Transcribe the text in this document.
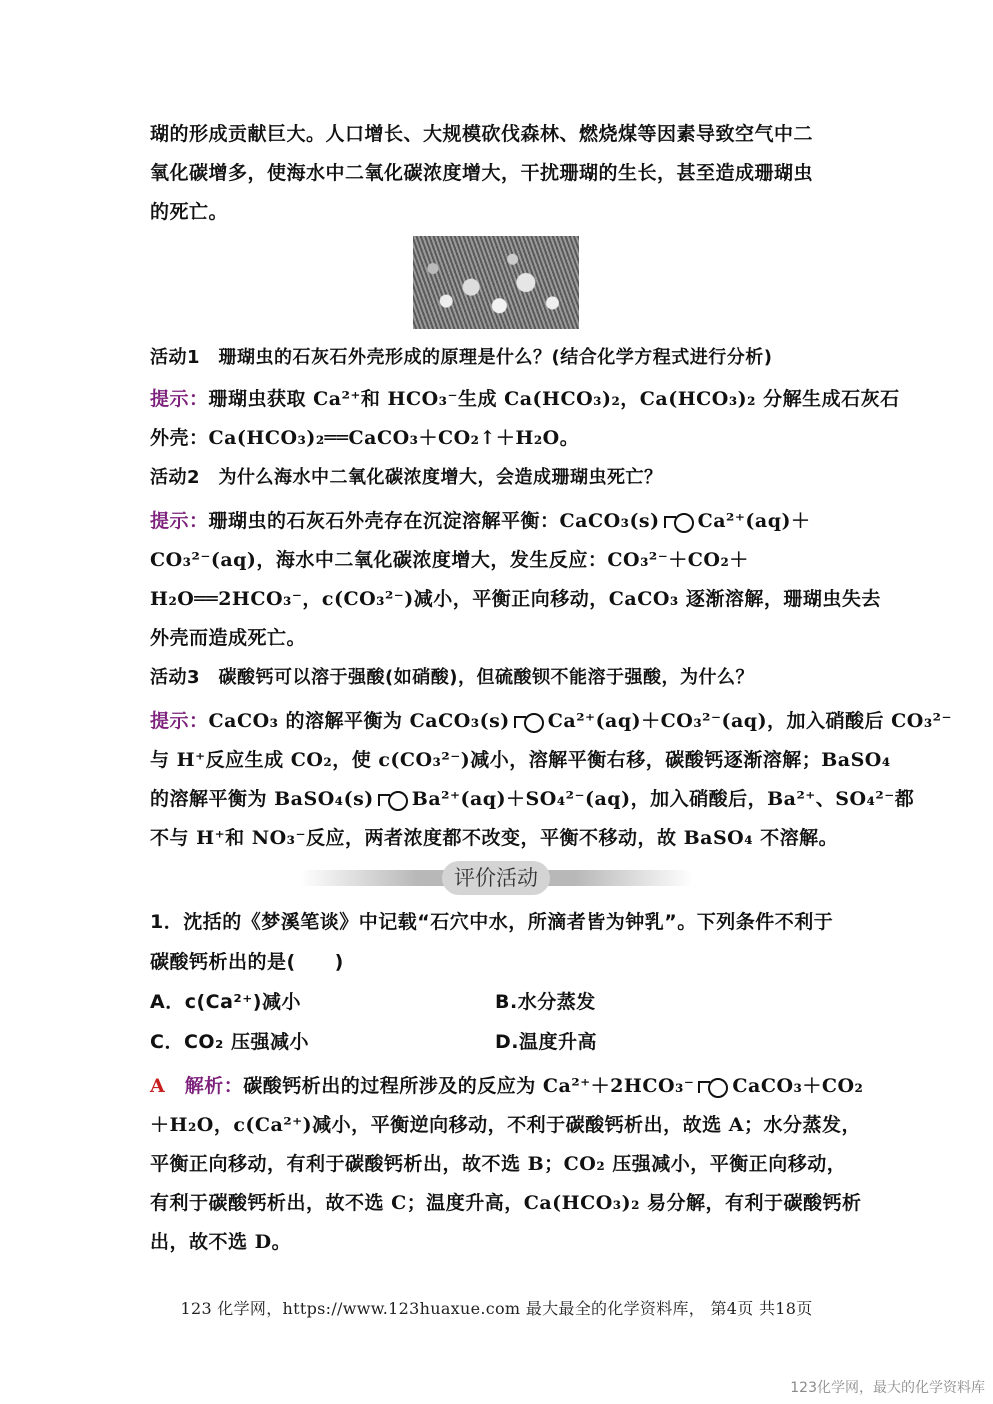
瑚的形成贡献巨大。人口增长、大规模砍伐森林、燃烧煤等因素导致空气中二

氧化碳增多，使海水中二氧化碳浓度增大，干扰珊瑚的生长，甚至造成珊瑚虫

的死亡。

活动1　珊瑚虫的石灰石外壳形成的原理是什么？(结合化学方程式进行分析)

提示：珊瑚虫获取 Ca²⁺和 HCO₃⁻生成 Ca(HCO₃)₂，Ca(HCO₃)₂ 分解生成石灰石

外壳：Ca(HCO₃)₂══CaCO₃＋CO₂↑＋H₂O。

活动2　为什么海水中二氧化碳浓度增大，会造成珊瑚虫死亡？

提示：珊瑚虫的石灰石外壳存在沉淀溶解平衡：CaCO₃(s) Ca²⁺(aq)＋

CO₃²⁻(aq)，海水中二氧化碳浓度增大，发生反应：CO₃²⁻＋CO₂＋

H₂O══2HCO₃⁻，c(CO₃²⁻)减小，平衡正向移动，CaCO₃ 逐渐溶解，珊瑚虫失去

外壳而造成死亡。

活动3　碳酸钙可以溶于强酸(如硝酸)，但硫酸钡不能溶于强酸，为什么？

提示：CaCO₃ 的溶解平衡为 CaCO₃(s) Ca²⁺(aq)＋CO₃²⁻(aq)，加入硝酸后 CO₃²⁻

与 H⁺反应生成 CO₂，使 c(CO₃²⁻)减小，溶解平衡右移，碳酸钙逐渐溶解；BaSO₄

的溶解平衡为 BaSO₄(s) Ba²⁺(aq)＋SO₄²⁻(aq)，加入硝酸后，Ba²⁺、SO₄²⁻都

不与 H⁺和 NO₃⁻反应，两者浓度都不改变，平衡不移动，故 BaSO₄ 不溶解。

评价活动

1．沈括的《梦溪笔谈》中记载“石穴中水，所滴者皆为钟乳”。下列条件不利于

碳酸钙析出的是(　　)

A．c(Ca²⁺)减小	B.水分蒸发

C．CO₂ 压强减小	D.温度升高

A　 解析：碳酸钙析出的过程所涉及的反应为 Ca²⁺＋2HCO₃⁻ CaCO₃＋CO₂

＋H₂O，c(Ca²⁺)减小，平衡逆向移动，不利于碳酸钙析出，故选 A；水分蒸发，

平衡正向移动，有利于碳酸钙析出，故不选 B；CO₂ 压强减小，平衡正向移动，

有利于碳酸钙析出，故不选 C；温度升高，Ca(HCO₃)₂ 易分解，有利于碳酸钙析

出，故不选 D。

123 化学网，https://www.123huaxue.com 最大最全的化学资料库， 第4页 共18页
123化学网，最大的化学资料库
